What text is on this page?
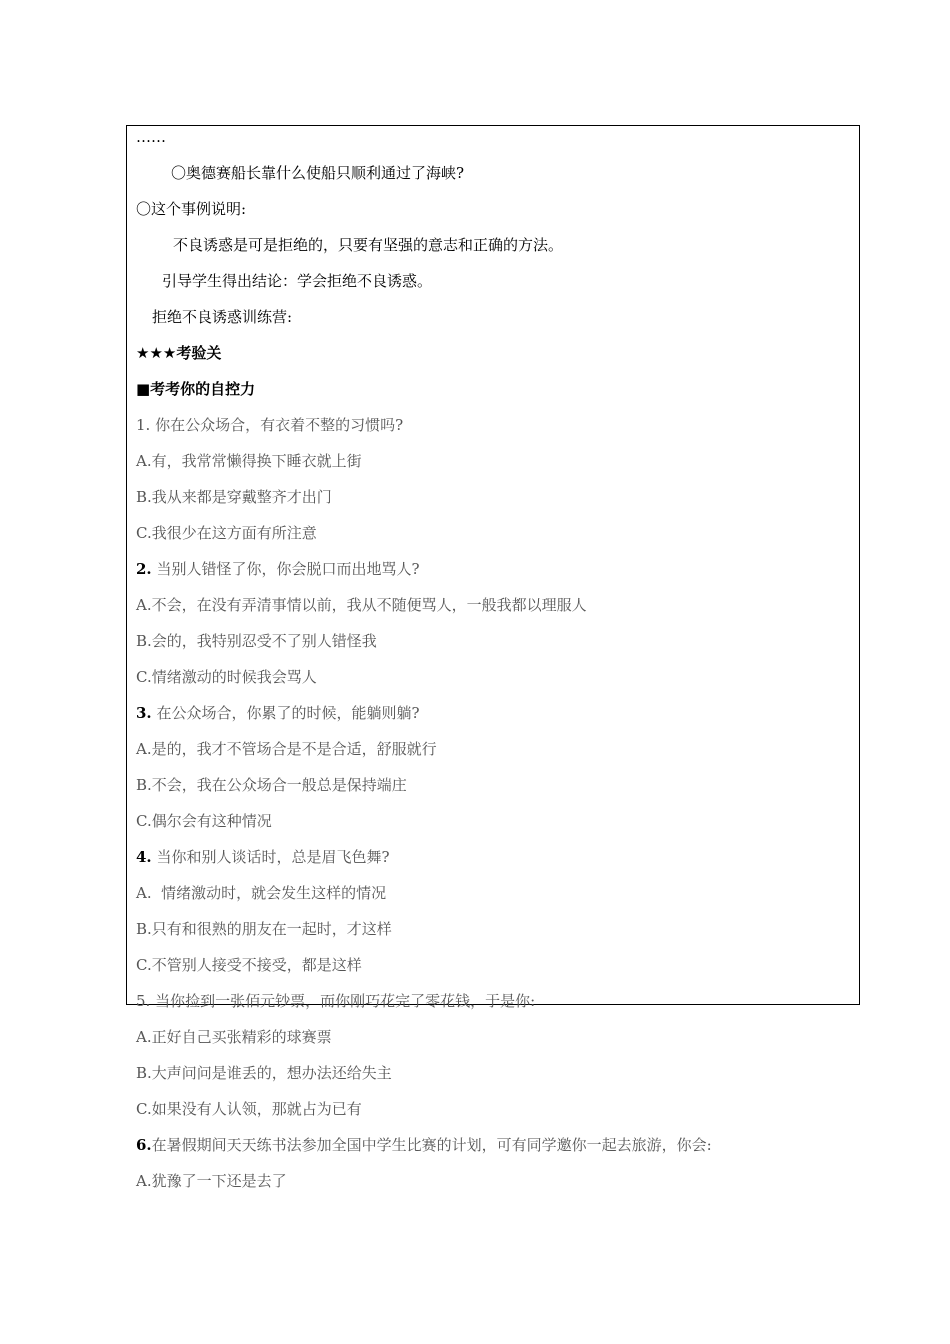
……
〇奥德赛船长靠什么使船只顺利通过了海峡?
〇这个事例说明:
不良诱惑是可是拒绝的，只要有坚强的意志和正确的方法。
引导学生得出结论：学会拒绝不良诱惑。
拒绝不良诱惑训练营:
★★★考验关
■考考你的自控力
1. 你在公众场合，有衣着不整的习惯吗?
A.有，我常常懒得换下睡衣就上街
B.我从来都是穿戴整齐才出门
C.我很少在这方面有所注意
2. 当别人错怪了你，你会脱口而出地骂人?
A.不会，在没有弄清事情以前，我从不随便骂人，一般我都以理服人
B.会的，我特别忍受不了别人错怪我
C.情绪激动的时候我会骂人
3. 在公众场合，你累了的时候，能躺则躺?
A.是的，我才不管场合是不是合适，舒服就行
B.不会，我在公众场合一般总是保持端庄
C.偶尔会有这种情况
4. 当你和别人谈话时，总是眉飞色舞?
A.  情绪激动时，就会发生这样的情况
B.只有和很熟的朋友在一起时，才这样
C.不管别人接受不接受，都是这样
5. 当你捡到一张佰元钞票，而你刚巧花完了零花钱，于是你:
A.正好自己买张精彩的球赛票
B.大声问问是谁丢的，想办法还给失主
C.如果没有人认领，那就占为已有
6.在暑假期间天天练书法参加全国中学生比赛的计划，可有同学邀你一起去旅游，你会:
A.犹豫了一下还是去了
